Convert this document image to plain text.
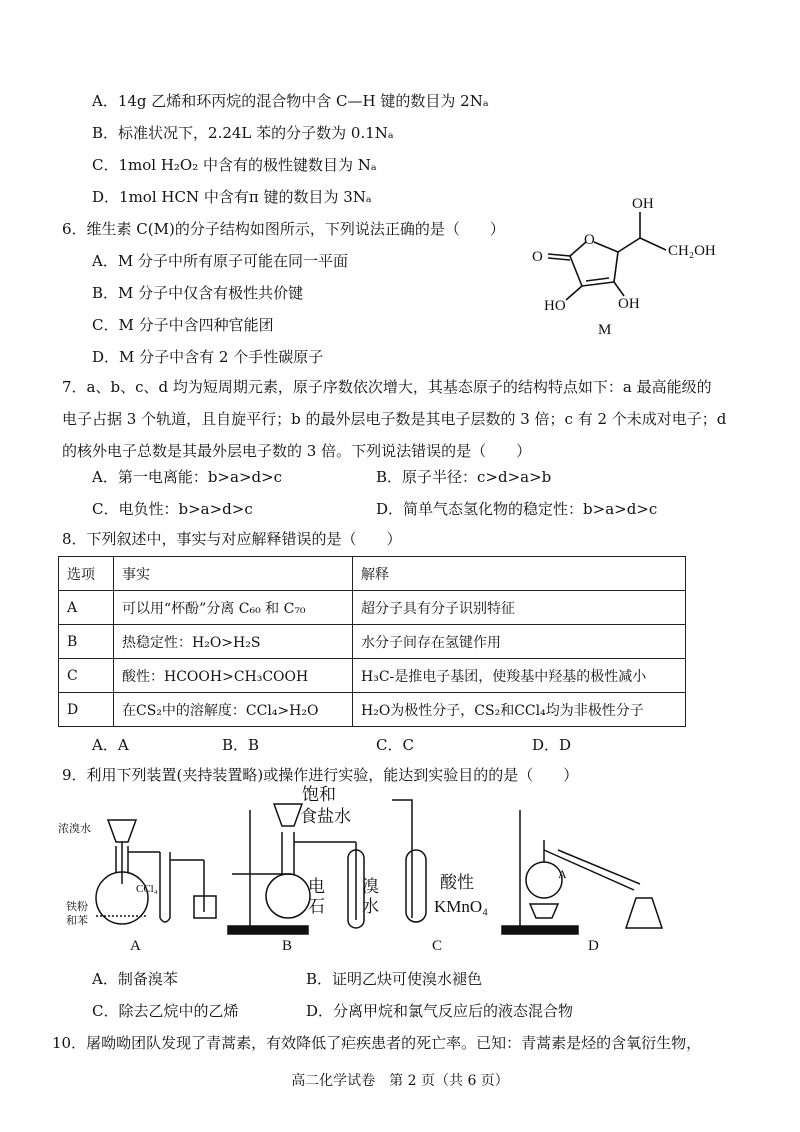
A．14g 乙烯和环丙烷的混合物中含 C—H 键的数目为 2Nₐ
B．标准状况下，2.24L 苯的分子数为 0.1Nₐ
C．1mol H₂O₂ 中含有的极性键数目为 Nₐ
D．1mol HCN 中含有π 键的数目为 3Nₐ
6．维生素 C(M)的分子结构如图所示，下列说法正确的是（　　）
A．M 分子中所有原子可能在同一平面
B．M 分子中仅含有极性共价键
C．M 分子中含四种官能团
D．M 分子中含有 2 个手性碳原子
O
O
OH
CH₂OH
HO	OH
M
7．a、b、c、d 均为短周期元素，原子序数依次增大，其基态原子的结构特点如下：a 最高能级的
电子占据 3 个轨道，且自旋平行；b 的最外层电子数是其电子层数的 3 倍；c 有 2 个未成对电子；d
的核外电子总数是其最外层电子数的 3 倍。下列说法错误的是（　　）
A．第一电离能：b>a>d>c	B．原子半径：c>d>a>b
C．电负性：b>a>d>c	D．简单气态氢化物的稳定性：b>a>d>c
8．下列叙述中，事实与对应解释错误的是（　　）
选项	事实	解释
A	可以用“杯酚”分离 C₆₀ 和 C₇₀	超分子具有分子识别特征
B	热稳定性：H₂O>H₂S	水分子间存在氢键作用
C	酸性：HCOOH>CH₃COOH	H₃C-是推电子基团，使羧基中羟基的极性减小
D	在CS₂中的溶解度：CCl₄>H₂O	H₂O为极性分子，CS₂和CCl₄均为非极性分子
A．A	B．B	C．C	D．D
9．利用下列装置(夹持装置略)或操作进行实验，能达到实验目的的是（　　）
浓溴水
CCl₄
铁粉
和苯
饱和
食盐水
电
石
溴
水
酸性
KMnO₄
A
A	B	C	D
A．制备溴苯	B．证明乙炔可使溴水褪色
C．除去乙烷中的乙烯	D．分离甲烷和氯气反应后的液态混合物
10．屠呦呦团队发现了青蒿素，有效降低了疟疾患者的死亡率。已知：青蒿素是烃的含氧衍生物，
高二化学试卷　第 2 页（共 6 页）
